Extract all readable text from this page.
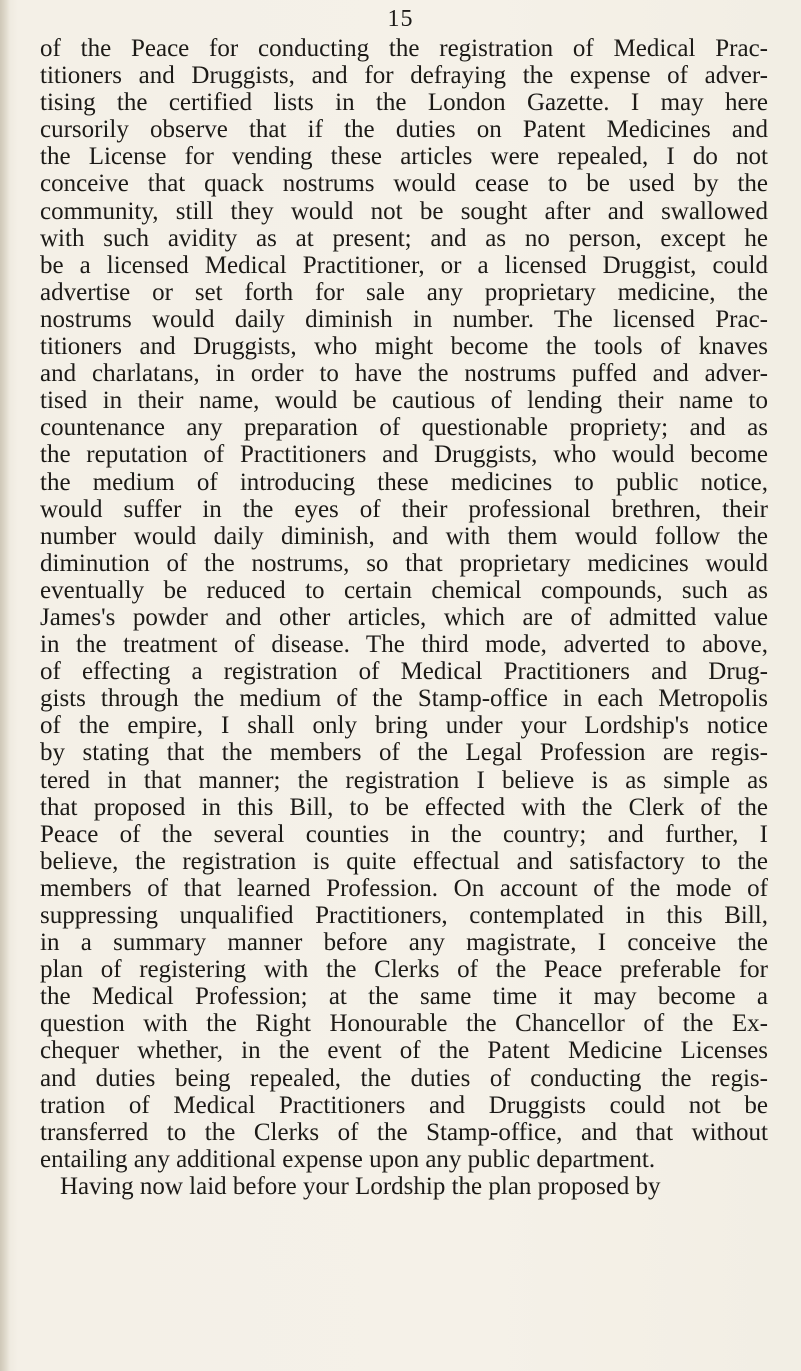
15
of the Peace for conducting the registration of Medical Prac-
titioners and Druggists, and for defraying the expense of adver-
tising the certified lists in the London Gazette. I may here
cursorily observe that if the duties on Patent Medicines and
the License for vending these articles were repealed, I do not
conceive that quack nostrums would cease to be used by the
community, still they would not be sought after and swallowed
with such avidity as at present; and as no person, except he
be a licensed Medical Practitioner, or a licensed Druggist, could
advertise or set forth for sale any proprietary medicine, the
nostrums would daily diminish in number. The licensed Prac-
titioners and Druggists, who might become the tools of knaves
and charlatans, in order to have the nostrums puffed and adver-
tised in their name, would be cautious of lending their name to
countenance any preparation of questionable propriety; and as
the reputation of Practitioners and Druggists, who would become
the medium of introducing these medicines to public notice,
would suffer in the eyes of their professional brethren, their
number would daily diminish, and with them would follow the
diminution of the nostrums, so that proprietary medicines would
eventually be reduced to certain chemical compounds, such as
James's powder and other articles, which are of admitted value
in the treatment of disease. The third mode, adverted to above,
of effecting a registration of Medical Practitioners and Drug-
gists through the medium of the Stamp-office in each Metropolis
of the empire, I shall only bring under your Lordship's notice
by stating that the members of the Legal Profession are regis-
tered in that manner; the registration I believe is as simple as
that proposed in this Bill, to be effected with the Clerk of the
Peace of the several counties in the country; and further, I
believe, the registration is quite effectual and satisfactory to the
members of that learned Profession. On account of the mode of
suppressing unqualified Practitioners, contemplated in this Bill,
in a summary manner before any magistrate, I conceive the
plan of registering with the Clerks of the Peace preferable for
the Medical Profession; at the same time it may become a
question with the Right Honourable the Chancellor of the Ex-
chequer whether, in the event of the Patent Medicine Licenses
and duties being repealed, the duties of conducting the regis-
tration of Medical Practitioners and Druggists could not be
transferred to the Clerks of the Stamp-office, and that without
entailing any additional expense upon any public department.
Having now laid before your Lordship the plan proposed by
